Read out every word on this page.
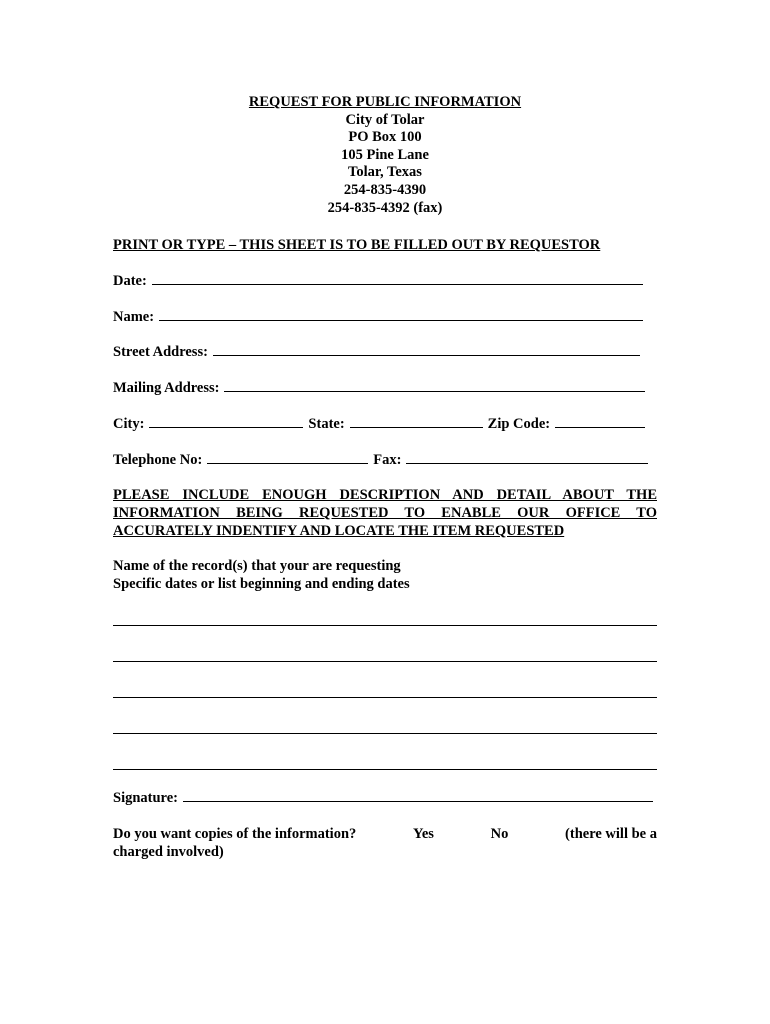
REQUEST FOR PUBLIC INFORMATION
City of Tolar
PO Box 100
105 Pine Lane
Tolar, Texas
254-835-4390
254-835-4392 (fax)
PRINT OR TYPE – THIS SHEET IS TO BE FILLED OUT BY REQUESTOR
Date:
Name:
Street Address:
Mailing Address:
City:	State:	Zip Code:
Telephone No:	Fax:
PLEASE INCLUDE ENOUGH DESCRIPTION AND DETAIL ABOUT THE
INFORMATION BEING REQUESTED TO ENABLE OUR OFFICE TO
ACCURATELY INDENTIFY AND LOCATE THE ITEM REQUESTED
Name of the record(s) that your are requesting
Specific dates or list beginning and ending dates
Signature:
Do you want copies of the information?	Yes	No	(there will be a
charged involved)
